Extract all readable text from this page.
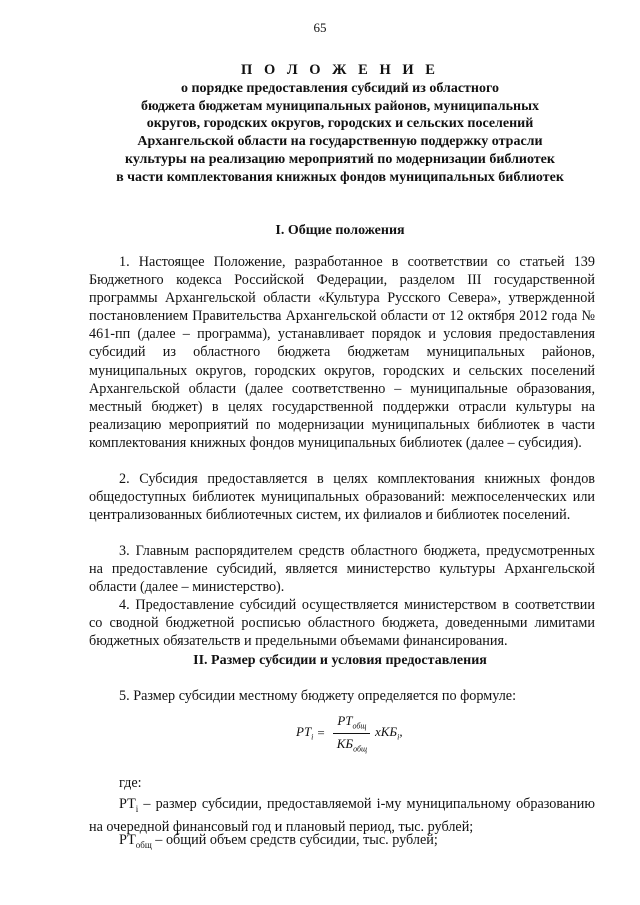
65
П О Л О Ж Е Н И Е
о порядке предоставления субсидий из областного
бюджета бюджетам муниципальных районов, муниципальных
округов, городских округов, городских и сельских поселений
Архангельской области на государственную поддержку отрасли
культуры на реализацию мероприятий по модернизации библиотек
в части комплектования книжных фондов муниципальных библиотек
I. Общие положения

1. Настоящее Положение, разработанное в соответствии со статьей 139 Бюджетного кодекса Российской Федерации, разделом III государственной программы Архангельской области «Культура Русского Севера», утвержденной постановлением Правительства Архангельской области от 12 октября 2012 года № 461-пп (далее – программа), устанавливает порядок и условия предоставления субсидий из областного бюджета бюджетам муниципальных районов, муниципальных округов, городских округов, городских и сельских поселений Архангельской области (далее соответственно – муниципальные образования, местный бюджет) в целях государственной поддержки отрасли культуры на реализацию мероприятий по модернизации муниципальных библиотек в части комплектования книжных фондов муниципальных библиотек (далее – субсидия).

2. Субсидия предоставляется в целях комплектования книжных фондов общедоступных библиотек муниципальных образований: межпоселенческих или централизованных библиотечных систем, их филиалов и библиотек поселений.

3. Главным распорядителем средств областного бюджета, предусмотренных на предоставление субсидий, является министерство культуры Архангельской области (далее – министерство).

4. Предоставление субсидий осуществляется министерством в соответствии со сводной бюджетной росписью областного бюджета, доведенными лимитами бюджетных обязательств и предельными объемами финансирования.

II. Размер субсидии и условия предоставления
5. Размер субсидии местному бюджету определяется по формуле:
$РТ_i = \frac{РТ_{общ}}{КБ_{общ}} хКБ_i$,
где:

$РТ_i$ – размер субсидии, предоставляемой i-му муниципальному образованию на очередной финансовый год и плановый период, тыс. рублей;

$РТ_{общ}$ – общий объем средств субсидии, тыс. рублей;
